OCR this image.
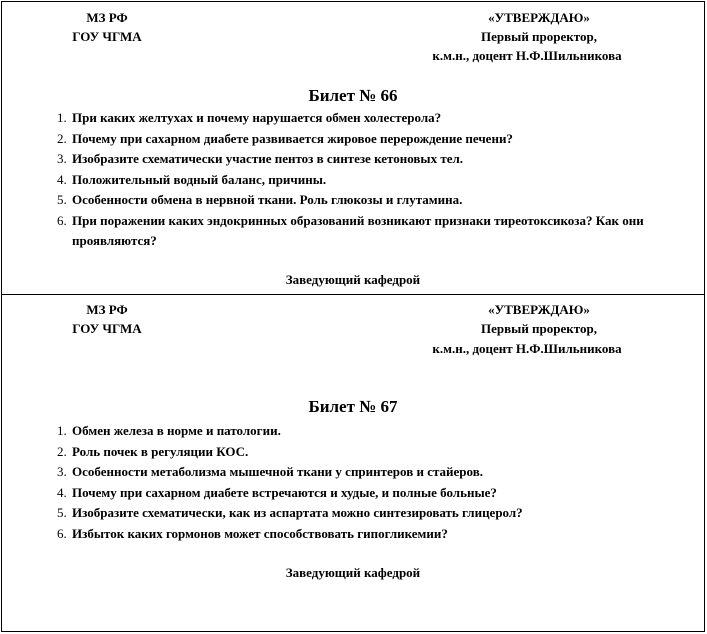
МЗ РФ
ГОУ ЧГМА
«УТВЕРЖДАЮ»
Первый проректор,
к.м.н., доцент Н.Ф.Шильникова
Билет № 66
1. При каких желтухах и почему нарушается обмен холестерола?
2. Почему при сахарном диабете развивается жировое перерождение печени?
3. Изобразите схематически участие пентоз в синтезе кетоновых тел.
4. Положительный водный баланс, причины.
5. Особенности обмена в нервной ткани. Роль глюкозы и глутамина.
6. При поражении каких эндокринных образований возникают признаки тиреотоксикоза? Как они проявляются?
Заведующий кафедрой
МЗ РФ
ГОУ ЧГМА
«УТВЕРЖДАЮ»
Первый проректор,
к.м.н., доцент Н.Ф.Шильникова
Билет № 67
1. Обмен железа в норме и патологии.
2. Роль почек в регуляции КОС.
3. Особенности метаболизма мышечной ткани у спринтеров и стайеров.
4. Почему при сахарном диабете встречаются и худые, и полные больные?
5. Изобразите схематически, как из аспартата можно синтезировать глицерол?
6. Избыток каких гормонов может способствовать гипогликемии?
Заведующий кафедрой
